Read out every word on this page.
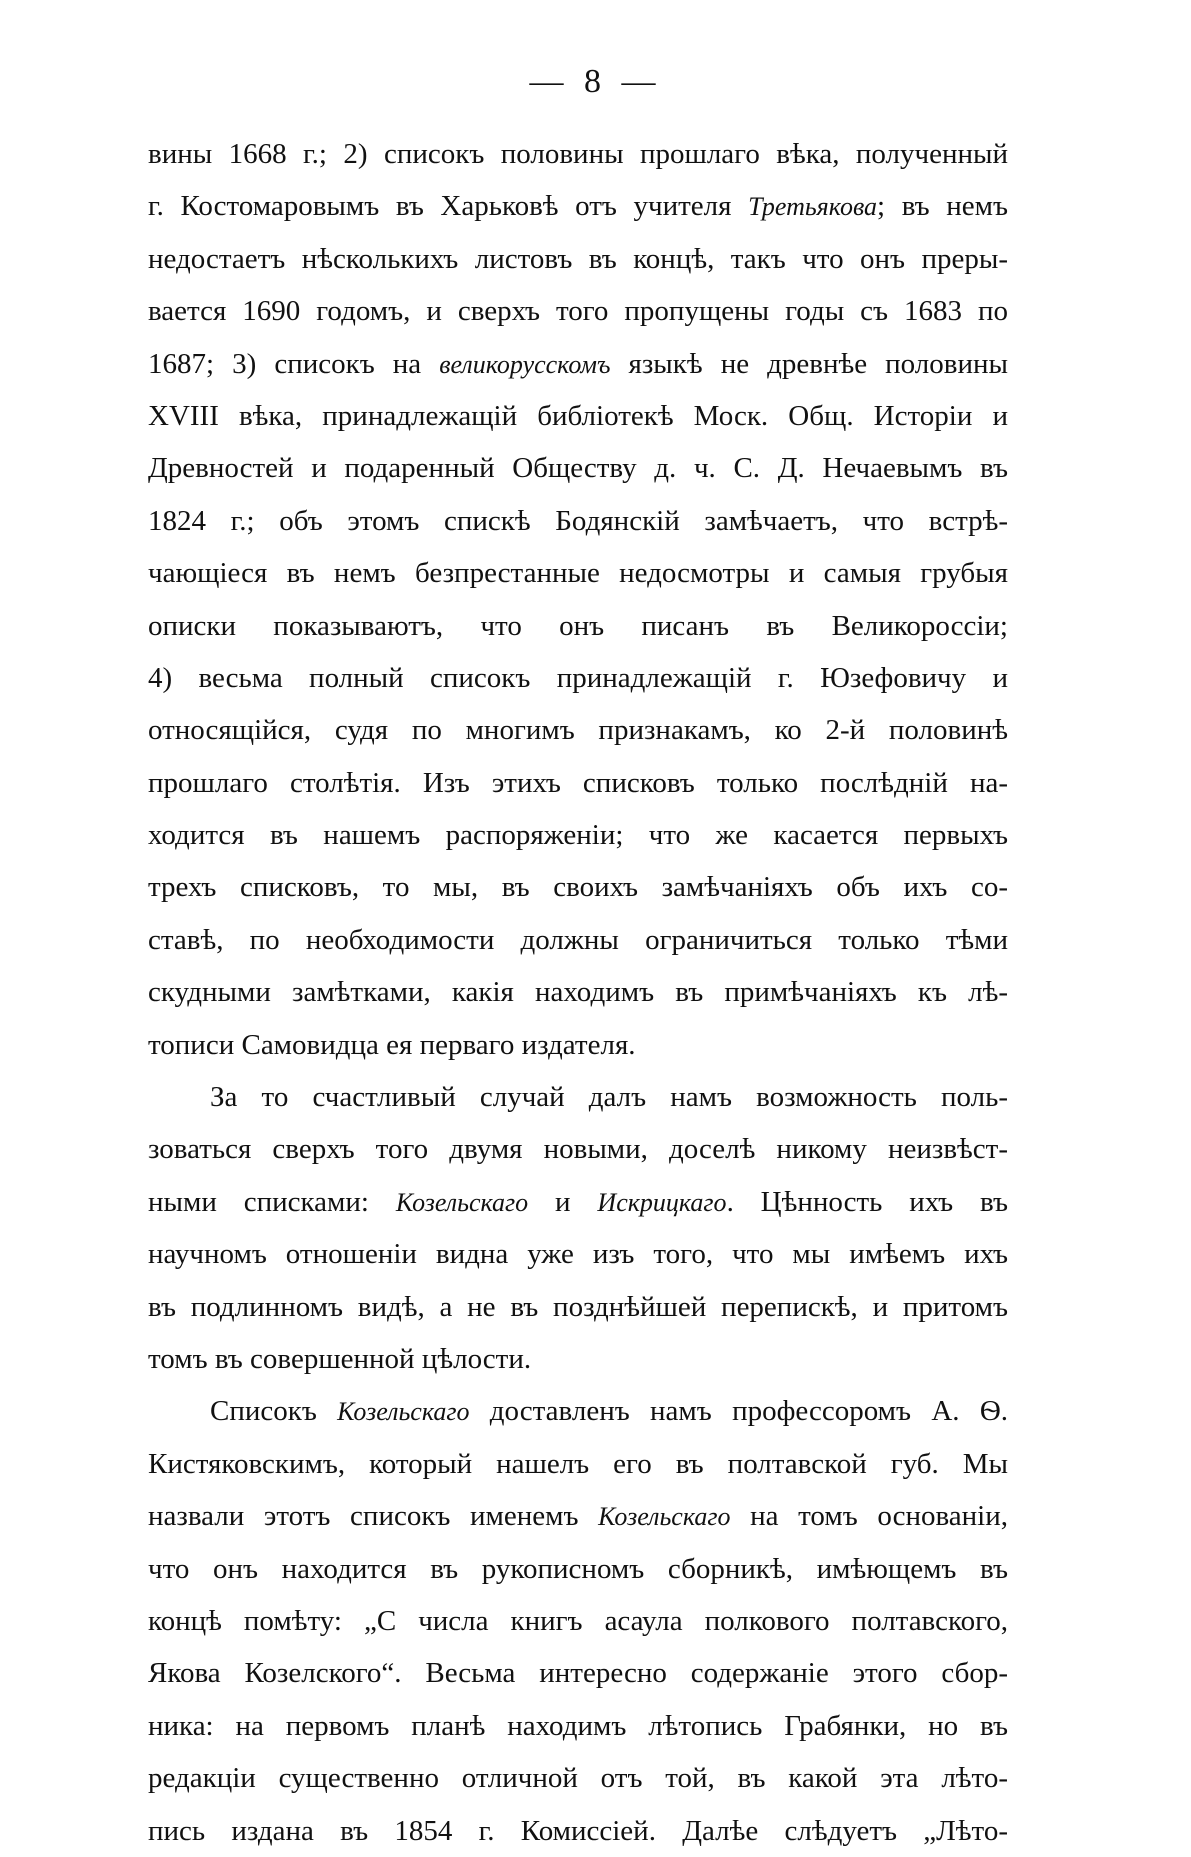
— 8 —
вины 1668 г.; 2) списокъ половины прошлаго вѣка, полученный
г. Костомаровымъ въ Харьковѣ отъ учителя Третьякова; въ немъ
недостаетъ нѣсколькихъ листовъ въ концѣ, такъ что онъ преры-
вается 1690 годомъ, и сверхъ того пропущены годы съ 1683 по
1687; 3) списокъ на великорусскомъ языкѣ не древнѣе половины
XVIII вѣка, принадлежащій библіотекѣ Моск. Общ. Исторіи и
Древностей и подаренный Обществу д. ч. С. Д. Нечаевымъ въ
1824 г.; объ этомъ спискѣ Бодянскій замѣчаетъ, что встрѣ-
чающіеся въ немъ безпрестанные недосмотры и самыя грубыя
описки показываютъ, что онъ писанъ въ Великороссіи;
4) весьма полный списокъ принадлежащій г. Юзефовичу и
относящійся, судя по многимъ признакамъ, ко 2-й половинѣ
прошлаго столѣтія. Изъ этихъ списковъ только послѣдній на-
ходится въ нашемъ распоряженіи; что же касается первыхъ
трехъ списковъ, то мы, въ своихъ замѣчаніяхъ объ ихъ со-
ставѣ, по необходимости должны ограничиться только тѣми
скудными замѣтками, какія находимъ въ примѣчаніяхъ къ лѣ-
тописи Самовидца ея перваго издателя.
За то счастливый случай далъ намъ возможность поль-
зоваться сверхъ того двумя новыми, доселѣ никому неизвѣст-
ными списками: Козельскаго и Искрицкаго. Цѣнность ихъ въ
научномъ отношеніи видна уже изъ того, что мы имѣемъ ихъ
въ подлинномъ видѣ, а не въ позднѣйшей перепискѣ, и притомъ
томъ въ совершенной цѣлости.
Списокъ Козельскаго доставленъ намъ профессоромъ А. Ѳ.
Кистяковскимъ, который нашелъ его въ полтавской губ. Мы
назвали этотъ списокъ именемъ Козельскаго на томъ основаніи,
что онъ находится въ рукописномъ сборникѣ, имѣющемъ въ
концѣ помѣту: „С числа книгъ асаула полкового полтавского,
Якова Козелского“. Весьма интересно содержаніе этого сбор-
ника: на первомъ планѣ находимъ лѣтопись Грабянки, но въ
редакціи существенно отличной отъ той, въ какой эта лѣто-
пись издана въ 1854 г. Комиссіей. Далѣе слѣдуетъ „Лѣто-
